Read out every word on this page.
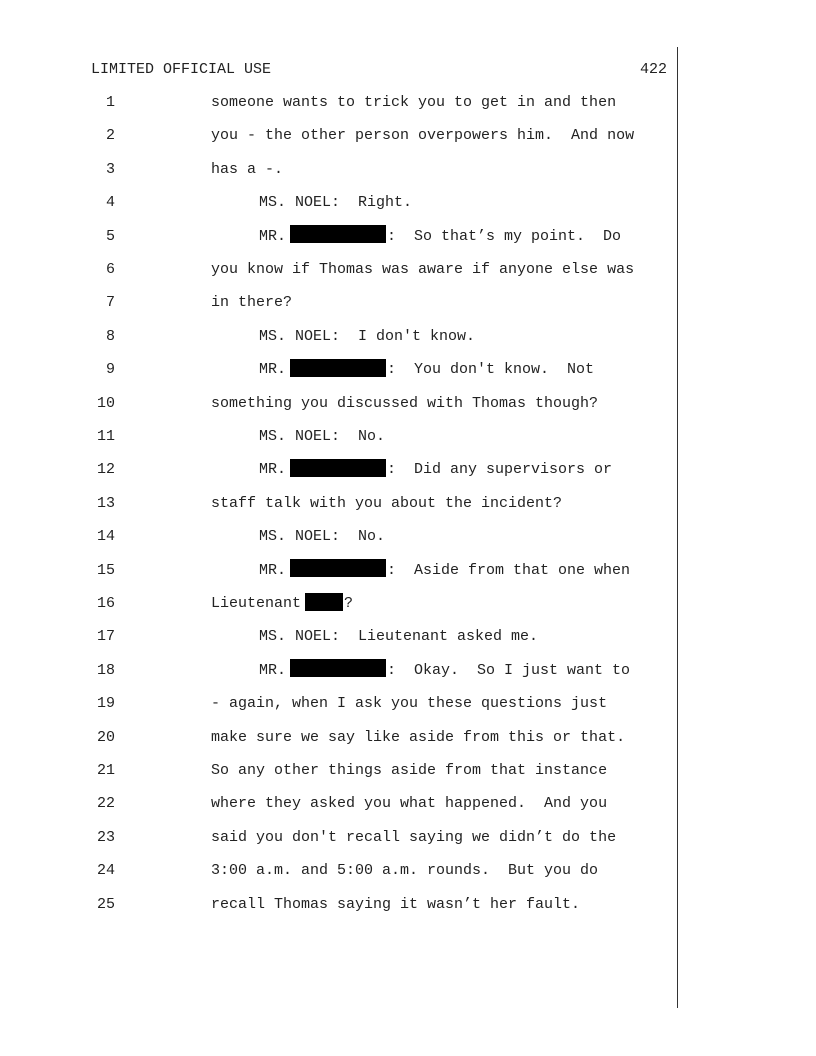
LIMITED OFFICIAL USE	422
1	someone wants to trick you to get in and then
2	you - the other person overpowers him.  And now
3	has a -.
4	MS. NOEL:  Right.
5	MR.	:  So that’s my point.  Do
6	you know if Thomas was aware if anyone else was
7	in there?
8	MS. NOEL:  I don't know.
9	MR.	:  You don't know.  Not
10	something you discussed with Thomas though?
11	MS. NOEL:  No.
12	MR.	:  Did any supervisors or
13	staff talk with you about the incident?
14	MS. NOEL:  No.
15	MR.	:  Aside from that one when
16	Lieutenant	?
17	MS. NOEL:  Lieutenant asked me.
18	MR.	:  Okay.  So I just want to
19	- again, when I ask you these questions just
20	make sure we say like aside from this or that.
21	So any other things aside from that instance
22	where they asked you what happened.  And you
23	said you don't recall saying we didn’t do the
24	3:00 a.m. and 5:00 a.m. rounds.  But you do
25	recall Thomas saying it wasn’t her fault.
